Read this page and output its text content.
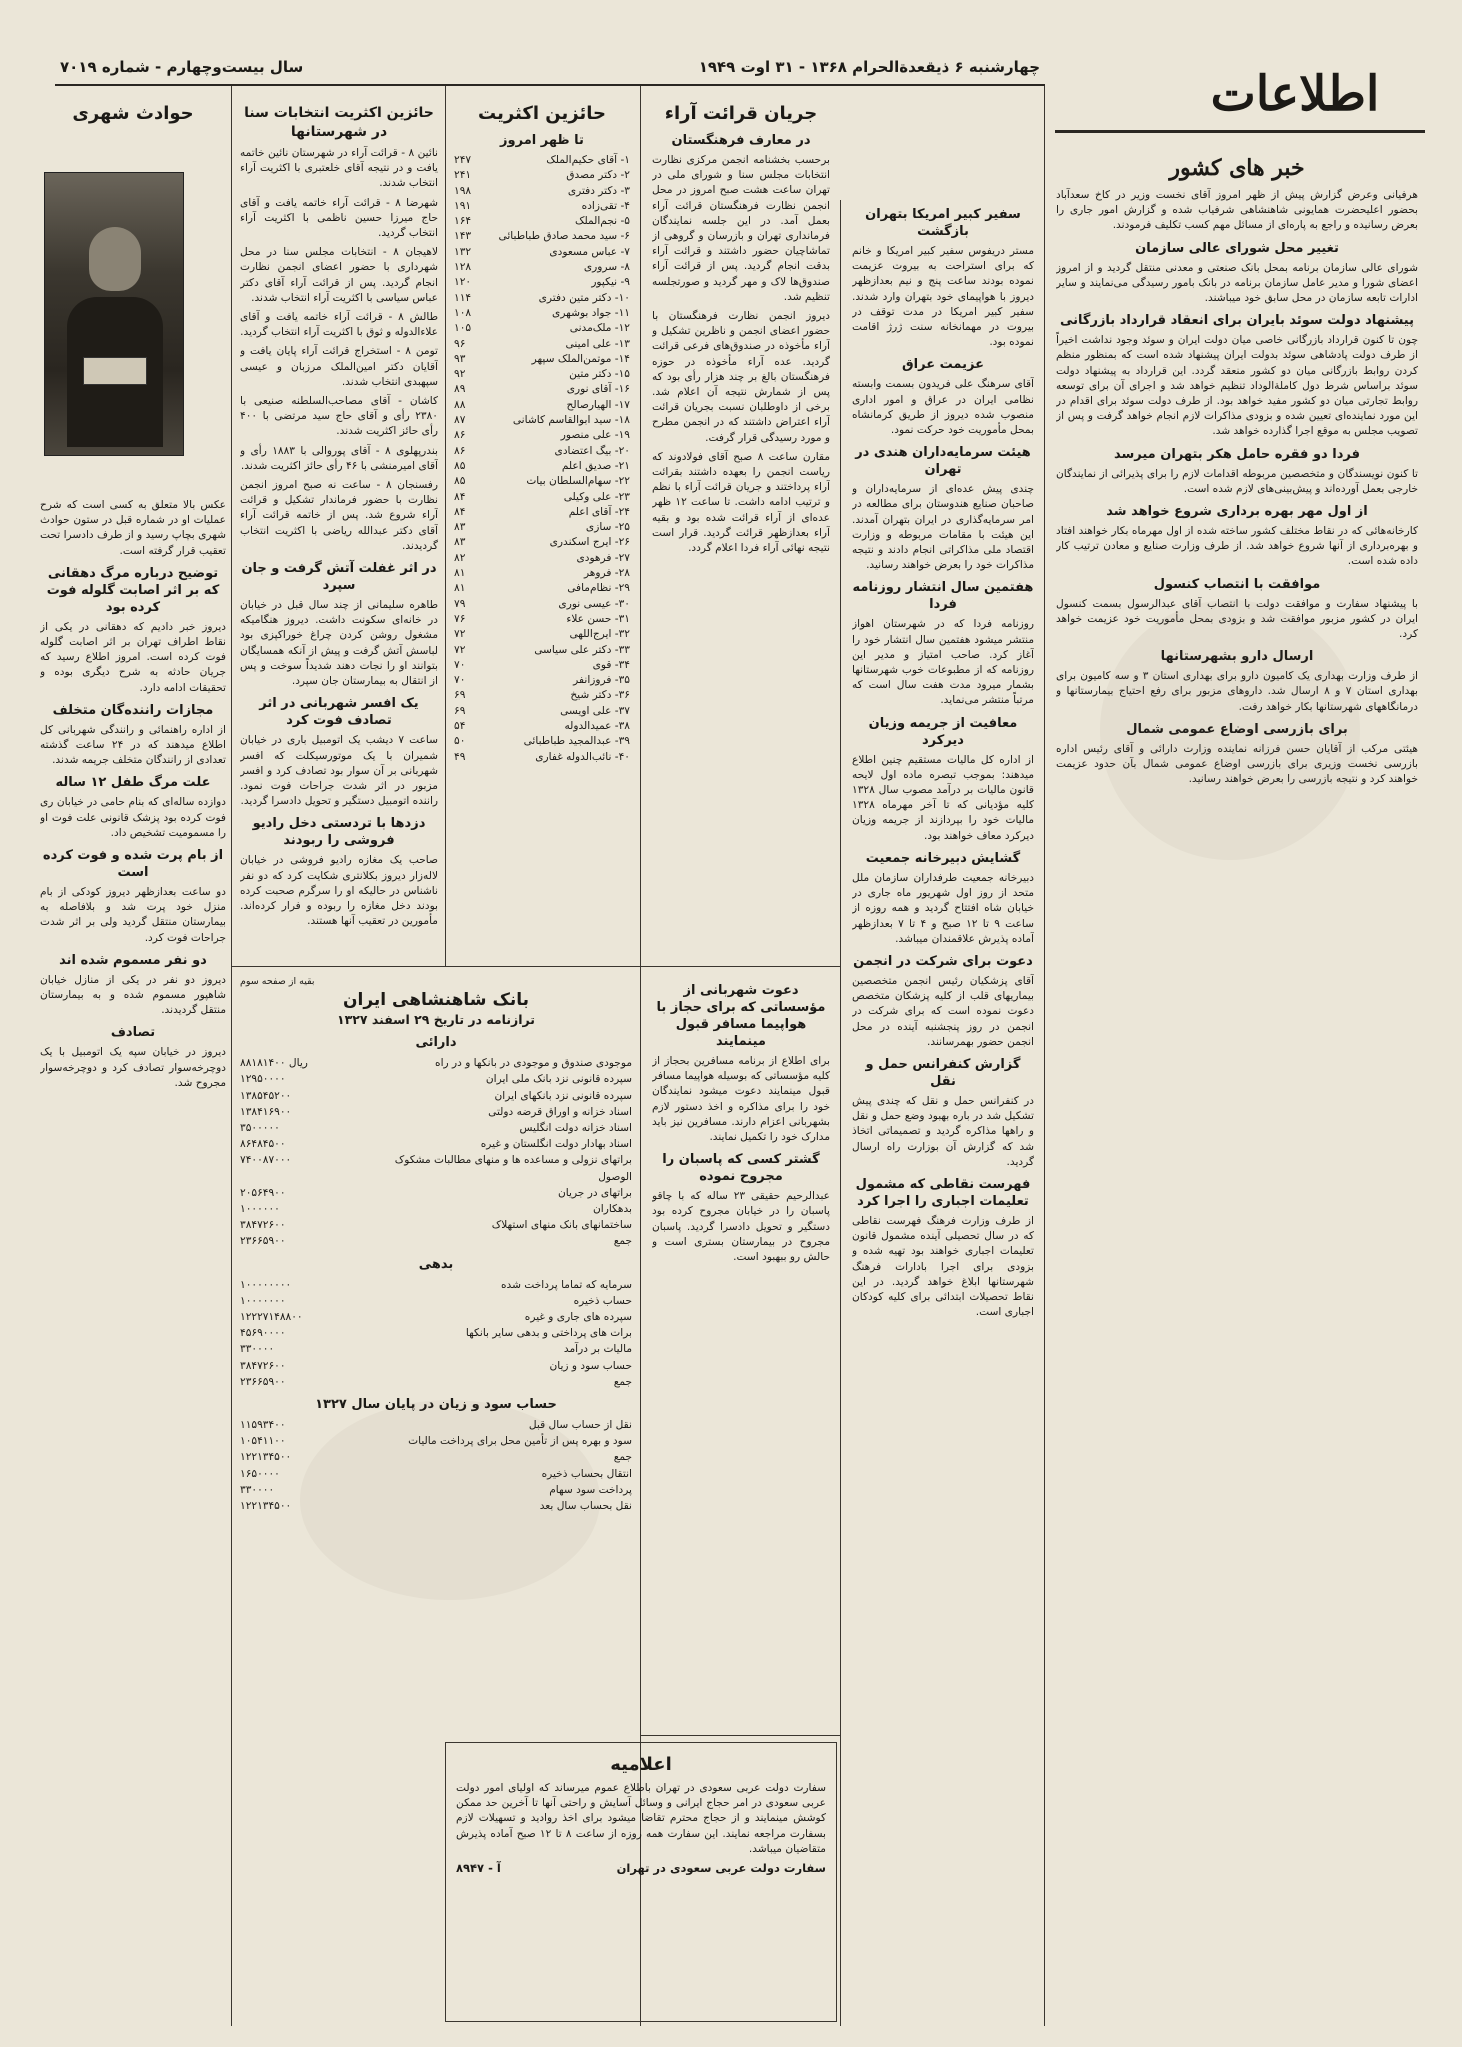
چهارشنبه ۶ ذیقعدةالحرام ۱۳۶۸ - ۳۱ اوت ۱۹۴۹
سال بیست‌وچهارم - شماره ۷۰۱۹	اطلاعات
خبر های کشور

هرفیانی وعرض گزارش پیش از ظهر امروز آقای نخست وزیر در کاخ سعدآباد بحضور اعلیحضرت همایونی شاهنشاهی شرفیاب شده و گزارش امور جاری را بعرض رسانیده و راجع به پاره‌ای از مسائل مهم کسب تکلیف فرمودند.

تغییر محل شورای عالی سازمان

شورای عالی سازمان برنامه بمحل بانک صنعتی و معدنی منتقل گردید و از امروز اعضای شورا و مدیر عامل سازمان برنامه در بانک بامور رسیدگی می‌نمایند و سایر ادارات تابعه سازمان در محل سابق خود میباشند.

پیشنهاد دولت سوئد بایران برای انعقاد قرارداد بازرگانی

چون تا کنون قرارداد بازرگانی خاصی میان دولت ایران و سوئد وجود نداشت اخیراً از طرف دولت پادشاهی سوئد بدولت ایران پیشنهاد شده است که بمنظور منظم کردن روابط بازرگانی میان دو کشور منعقد گردد. این قرارداد به پیشنهاد دولت سوئد براساس شرط دول کاملةالوداد تنظیم خواهد شد و اجرای آن برای توسعه روابط تجارتی میان دو کشور مفید خواهد بود. از طرف دولت سوئد برای اقدام در این مورد نماینده‌ای تعیین شده و بزودی مذاکرات لازم انجام خواهد گرفت و پس از تصویب مجلس به موقع اجرا گذارده خواهد شد.

فردا دو فقره حامل هکر بتهران میرسد

تا کنون نویسندگان و متخصصین مربوطه اقدامات لازم را برای پذیرائی از نمایندگان خارجی بعمل آورده‌اند و پیش‌بینی‌های لازم شده است.

از اول مهر بهره برداری شروع خواهد شد

کارخانه‌هائی که در نقاط مختلف کشور ساخته شده از اول مهرماه بکار خواهند افتاد و بهره‌برداری از آنها شروع خواهد شد. از طرف وزارت صنایع و معادن ترتیب کار داده شده است.

موافقت با انتصاب کنسول

با پیشنهاد سفارت و موافقت دولت با انتصاب آقای عبدالرسول بسمت کنسول ایران در کشور مزبور موافقت شد و بزودی بمحل مأموریت خود عزیمت خواهد کرد.

ارسال دارو بشهرستانها

از طرف وزارت بهداری یک کامیون دارو برای بهداری استان ۳ و سه کامیون برای بهداری استان ۷ و ۸ ارسال شد. داروهای مزبور برای رفع احتیاج بیمارستانها و درمانگاههای شهرستانها بکار خواهد رفت.

برای بازرسی اوضاع عمومی شمال

هیئتی مرکب از آقایان حسن فرزانه نماینده وزارت دارائی و آقای رئیس اداره بازرسی نخست وزیری برای بازرسی اوضاع عمومی شمال بآن حدود عزیمت خواهند کرد و نتیجه بازرسی را بعرض خواهند رسانید.

سفیر کبیر امریکا بتهران بازگشت

مستر دریفوس سفیر کبیر امریکا و خانم که برای استراحت به بیروت عزیمت نموده بودند ساعت پنج و نیم بعدازظهر دیروز با هواپیمای خود بتهران وارد شدند. سفیر کبیر امریکا در مدت توقف در بیروت در مهمانخانه سنت ژرژ اقامت نموده بود.

عزیمت عراق

آقای سرهنگ علی فریدون بسمت وابسته نظامی ایران در عراق و امور اداری منصوب شده دیروز از طریق کرمانشاه بمحل مأموریت خود حرکت نمود.

هیئت سرمایه‌داران هندی در تهران

چندی پیش عده‌ای از سرمایه‌داران و صاحبان صنایع هندوستان برای مطالعه در امر سرمایه‌گذاری در ایران بتهران آمدند. این هیئت با مقامات مربوطه و وزارت اقتصاد ملی مذاکراتی انجام دادند و نتیجه مذاکرات خود را بعرض خواهند رسانید.

هفتمین سال انتشار روزنامه فردا

روزنامه فردا که در شهرستان اهواز منتشر میشود هفتمین سال انتشار خود را آغاز کرد. صاحب امتیاز و مدیر این روزنامه که از مطبوعات خوب شهرستانها بشمار میرود مدت هفت سال است که مرتباً منتشر می‌نماید.

معافیت از جریمه وزیان دیرکرد

از اداره کل مالیات مستقیم چنین اطلاع میدهند: بموجب تبصره ماده اول لایحه قانون مالیات بر درآمد مصوب سال ۱۳۲۸ کلیه مؤدیانی که تا آخر مهرماه ۱۳۲۸ مالیات خود را بپردازند از جریمه وزیان دیرکرد معاف خواهند بود.

گشایش دبیرخانه جمعیت

دبیرخانه جمعیت طرفداران سازمان ملل متحد از روز اول شهریور ماه جاری در خیابان شاه افتتاح گردید و همه روزه از ساعت ۹ تا ۱۲ صبح و ۴ تا ۷ بعدازظهر آماده پذیرش علاقمندان میباشد.

دعوت برای شرکت در انجمن

آقای پزشکیان رئیس انجمن متخصصین بیماریهای قلب از کلیه پزشکان متخصص دعوت نموده است که برای شرکت در انجمن در روز پنجشنبه آینده در محل انجمن حضور بهمرسانند.

گزارش کنفرانس حمل و نقل

در کنفرانس حمل و نقل که چندی پیش تشکیل شد در باره بهبود وضع حمل و نقل و راهها مذاکره گردید و تصمیماتی اتخاذ شد که گزارش آن بوزارت راه ارسال گردید.

فهرست نقاطی که مشمول تعلیمات اجباری را اجرا کرد

از طرف وزارت فرهنگ فهرست نقاطی که در سال تحصیلی آینده مشمول قانون تعلیمات اجباری خواهند بود تهیه شده و بزودی برای اجرا بادارات فرهنگ شهرستانها ابلاغ خواهد گردید. در این نقاط تحصیلات ابتدائی برای کلیه کودکان اجباری است.

جریان قرائت آراء
در معارف فرهنگستان

برحسب بخشنامه انجمن مرکزی نظارت انتخابات مجلس سنا و شورای ملی در تهران ساعت هشت صبح امروز در محل انجمن نظارت فرهنگستان قرائت آراء بعمل آمد. در این جلسه نمایندگان فرمانداری تهران و بازرسان و گروهی از تماشاچیان حضور داشتند و قرائت آراء بدقت انجام گردید. پس از قرائت آراء صندوق‌ها لاک و مهر گردید و صورتجلسه تنظیم شد.

دیروز انجمن نظارت فرهنگستان با حضور اعضای انجمن و ناظرین تشکیل و آراء مأخوذه در صندوق‌های فرعی قرائت گردید. عده آراء مأخوذه در حوزه فرهنگستان بالغ بر چند هزار رأی بود که پس از شمارش نتیجه آن اعلام شد. برخی از داوطلبان نسبت بجریان قرائت آراء اعتراض داشتند که در انجمن مطرح و مورد رسیدگی قرار گرفت.

مقارن ساعت ۸ صبح آقای فولادوند که ریاست انجمن را بعهده داشتند بقرائت آراء پرداختند و جریان قرائت آراء با نظم و ترتیب ادامه داشت. تا ساعت ۱۲ ظهر عده‌ای از آراء قرائت شده بود و بقیه آراء بعدازظهر قرائت گردید. قرار است نتیجه نهائی آراء فردا اعلام گردد.

دعوت شهربانی از مؤسساتی که برای حجاز با هواپیما مسافر قبول مینمایند

برای اطلاع از برنامه مسافرین بحجاز از کلیه مؤسساتی که بوسیله هواپیما مسافر قبول مینمایند دعوت میشود نمایندگان خود را برای مذاکره و اخذ دستور لازم بشهربانی اعزام دارند. مسافرین نیز باید مدارک خود را تکمیل نمایند.

گشتر کسی که پاسبان را مجروح نموده

عبدالرحیم حقیقی ۲۳ ساله که با چاقو پاسبان را در خیابان مجروح کرده بود دستگیر و تحویل دادسرا گردید. پاسبان مجروح در بیمارستان بستری است و حالش رو ببهبود است.

حائزین اکثریت
تا ظهر امروز
۱- آقای حکیم‌الملک	۲۴۷
۲- دکتر مصدق	۲۴۱
۳- دکتر دفتری	۱۹۸
۴- تقی‌زاده	۱۹۱
۵- نجم‌الملک	۱۶۴
۶- سید محمد صادق طباطبائی	۱۴۳
۷- عباس مسعودی	۱۳۲
۸- سروری	۱۲۸
۹- نیکپور	۱۲۰
۱۰- دکتر متین دفتری	۱۱۴
۱۱- جواد بوشهری	۱۰۸
۱۲- ملک‌مدنی	۱۰۵
۱۳- علی امینی	۹۶
۱۴- موتمن‌الملک سپهر	۹۳
۱۵- دکتر متین	۹۲
۱۶- آقای نوری	۸۹
۱۷- الهیارصالح	۸۸
۱۸- سید ابوالقاسم کاشانی	۸۷
۱۹- علی منصور	۸۶
۲۰- بیگ اعتضادی	۸۶
۲۱- صدیق اعلم	۸۵
۲۲- سهام‌السلطان بیات	۸۵
۲۳- علی وکیلی	۸۴
۲۴- آقای اعلم	۸۴
۲۵- سازی	۸۳
۲۶- ایرج اسکندری	۸۳
۲۷- فرهودی	۸۲
۲۸- فروهر	۸۱
۲۹- نظام‌مافی	۸۱
۳۰- عیسی نوری	۷۹
۳۱- حسن علاء	۷۶
۳۲- ایرج‌اللهی	۷۲
۳۳- دکتر علی سیاسی	۷۲
۳۴- قوی	۷۰
۳۵- فروزانفر	۷۰
۳۶- دکتر شیخ	۶۹
۳۷- علی اویسی	۶۹
۳۸- عمیدالدوله	۵۴
۳۹- عبدالمجید طباطبائی	۵۰
۴۰- نائب‌الدوله غفاری	۴۹
حائزین اکثریت انتخابات سنا در شهرستانها

نائین ۸ - قرائت آراء در شهرستان نائین خاتمه یافت و در نتیجه آقای خلعتبری با اکثریت آراء انتخاب شدند.

شهرضا ۸ - قرائت آراء خاتمه یافت و آقای حاج میرزا حسین ناظمی با اکثریت آراء انتخاب گردید.

لاهیجان ۸ - انتخابات مجلس سنا در محل شهرداری با حضور اعضای انجمن نظارت انجام گردید. پس از قرائت آراء آقای دکتر عباس سیاسی با اکثریت آراء انتخاب شدند.

طالش ۸ - قرائت آراء خاتمه یافت و آقای علاءالدوله و ثوق با اکثریت آراء انتخاب گردید.

تومن ۸ - استخراج قرائت آراء پایان یافت و آقایان دکتر امین‌الملک مرزبان و عیسی سپهبدی انتخاب شدند.

کاشان - آقای مصاحب‌السلطنه صنیعی با ۲۳۸۰ رأی و آقای حاج سید مرتضی با ۴۰۰ رأی حائز اکثریت شدند.

بندرپهلوی ۸ - آقای پوروالی با ۱۸۸۳ رأی و آقای امیرمنشی با ۴۶ رأی حائز اکثریت شدند.

رفسنجان ۸ - ساعت نه صبح امروز انجمن نظارت با حضور فرماندار تشکیل و قرائت آراء شروع شد. پس از خاتمه قرائت آراء آقای دکتر عبدالله ریاضی با اکثریت انتخاب گردیدند.

در اثر غفلت آتش گرفت و جان سپرد

طاهره سلیمانی از چند سال قبل در خیابان در خانه‌ای سکونت داشت. دیروز هنگامیکه مشغول روشن کردن چراغ خوراکپزی بود لباسش آتش گرفت و پیش از آنکه همسایگان بتوانند او را نجات دهند شدیداً سوخت و پس از انتقال به بیمارستان جان سپرد.

یک افسر شهربانی در اثر تصادف فوت کرد

ساعت ۷ دیشب یک اتومبیل باری در خیابان شمیران با یک موتورسیکلت که افسر شهربانی بر آن سوار بود تصادف کرد و افسر مزبور در اثر شدت جراحات فوت نمود. راننده اتومبیل دستگیر و تحویل دادسرا گردید.

دزدها با تردستی دخل رادیو فروشی را ربودند

صاحب یک مغازه رادیو فروشی در خیابان لاله‌زار دیروز بکلانتری شکایت کرد که دو نفر ناشناس در حالیکه او را سرگرم صحبت کرده بودند دخل مغازه را ربوده و فرار کرده‌اند. مأمورین در تعقیب آنها هستند.

بقیه از صفحه سوم
بانک شاهنشاهی ایران
ترازنامه در تاریخ ۲۹ اسفند ۱۳۲۷
دارائی
موجودی صندوق و موجودی در بانکها و در راه
ریال ۸۸۱۸۱۴۰۰
سپرده قانونی نزد بانک ملی ایران
۱۲۹۵۰۰۰۰
سپرده قانونی نزد بانکهای ایران
۱۳۸۵۴۵۲۰۰
اسناد خزانه و اوراق قرضه دولتی
۱۳۸۴۱۶۹۰۰
اسناد خزانه دولت انگلیس
۳۵۰۰۰۰۰
اسناد بهادار دولت انگلستان و غیره
۸۶۴۸۴۵۰۰
براتهای نزولی و مساعده ها و منهای مطالبات مشکوک الوصول
۷۴۰۰۸۷۰۰۰
براتهای در جریان
۲۰۵۶۴۹۰۰
بدهکاران
۱۰۰۰۰۰۰
ساختمانهای بانک منهای استهلاک
۳۸۴۷۲۶۰۰
جمع
۲۳۶۶۵۹۰۰
بدهی
سرمایه که تماما پرداخت شده
۱۰۰۰۰۰۰۰۰
حساب ذخیره
۱۰۰۰۰۰۰۰
سپرده های جاری و غیره
۱۲۲۲۷۱۴۸۸۰۰
برات های پرداختی و بدهی سایر بانکها
۴۵۶۹۰۰۰۰
مالیات بر درآمد
۳۳۰۰۰۰
حساب سود و زیان
۳۸۴۷۲۶۰۰
جمع
۲۳۶۶۵۹۰۰
حساب سود و زیان در پایان سال ۱۳۲۷
نقل از حساب سال قبل
۱۱۵۹۳۴۰۰
سود و بهره پس از تأمین محل برای پرداخت مالیات
۱۰۵۴۱۱۰۰
جمع
۱۲۲۱۳۴۵۰۰
انتقال بحساب ذخیره
۱۶۵۰۰۰۰
پرداخت سود سهام
۳۳۰۰۰۰
نقل بحساب سال بعد
۱۲۲۱۳۴۵۰۰
اعلامیه

سفارت دولت عربی سعودی در تهران باطلاع عموم میرساند که اولیای امور دولت عربی سعودی در امر حجاج ایرانی و وسائل آسایش و راحتی آنها تا آخرین حد ممکن کوشش مینمایند و از حجاج محترم تقاضا میشود برای اخذ روادید و تسهیلات لازم بسفارت مراجعه نمایند. این سفارت همه روزه از ساعت ۸ تا ۱۲ صبح آماده پذیرش متقاضیان میباشد.

سفارت دولت عربی سعودی در تهران
آ - ۸۹۴۷
حوادث شهری

عکس بالا متعلق به کسی است که شرح عملیات او در شماره قبل در ستون حوادث شهری بچاپ رسید و از طرف دادسرا تحت تعقیب قرار گرفته است.

توضیح درباره مرگ دهقانی که بر اثر اصابت گلوله فوت کرده بود

دیروز خبر دادیم که دهقانی در یکی از نقاط اطراف تهران بر اثر اصابت گلوله فوت کرده است. امروز اطلاع رسید که جریان حادثه به شرح دیگری بوده و تحقیقات ادامه دارد.

مجازات راننده‌گان متخلف

از اداره راهنمائی و رانندگی شهربانی کل اطلاع میدهند که در ۲۴ ساعت گذشته تعدادی از رانندگان متخلف جریمه شدند.

علت مرگ طفل ۱۲ ساله

دوازده ساله‌ای که بنام حامی در خیابان ری فوت کرده بود پزشک قانونی علت فوت او را مسمومیت تشخیص داد.

از بام پرت شده و فوت کرده است

دو ساعت بعدازظهر دیروز کودکی از بام منزل خود پرت شد و بلافاصله به بیمارستان منتقل گردید ولی بر اثر شدت جراحات فوت کرد.

دو نفر مسموم شده اند

دیروز دو نفر در یکی از منازل خیابان شاهپور مسموم شده و به بیمارستان منتقل گردیدند.

تصادف

دیروز در خیابان سپه یک اتومبیل با یک دوچرخه‌سوار تصادف کرد و دوچرخه‌سوار مجروح شد.
